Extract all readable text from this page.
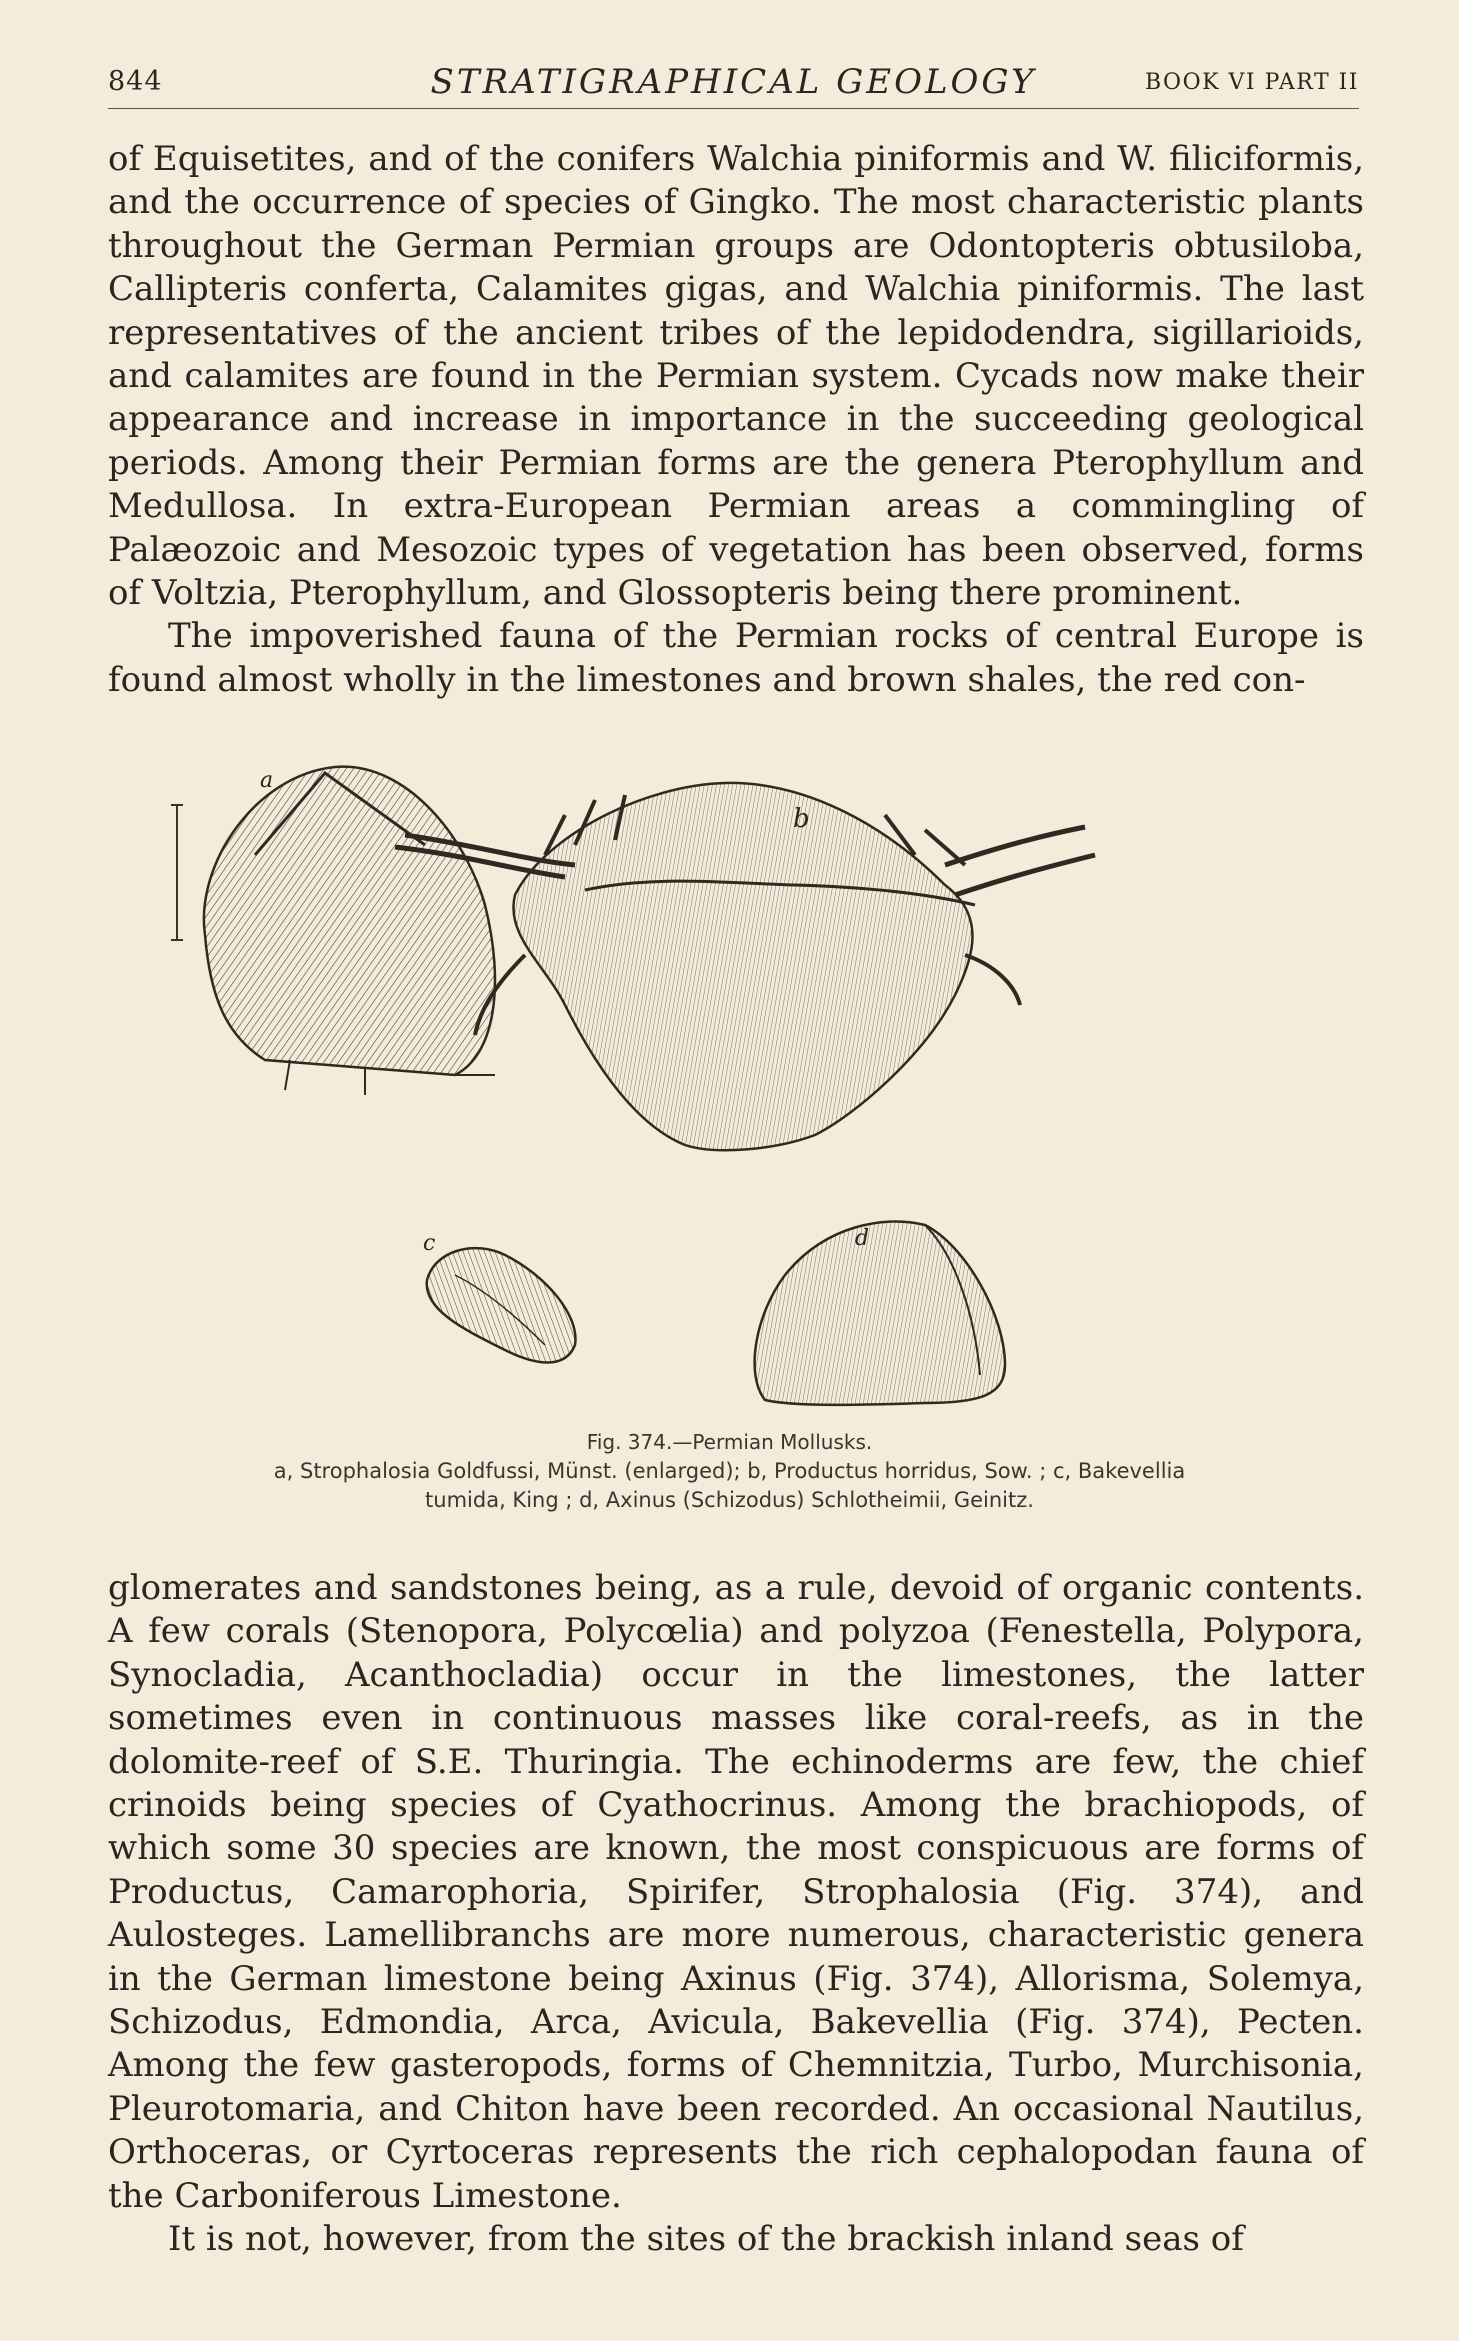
844	STRATIGRAPHICAL GEOLOGY	BOOK VI PART II

of Equisetites, and of the conifers Walchia piniformis and W. filiciformis, and the occurrence of species of Gingko. The most characteristic plants throughout the German Permian groups are Odontopteris obtusiloba, Callipteris conferta, Calamites gigas, and Walchia piniformis. The last representatives of the ancient tribes of the lepidodendra, sigillarioids, and calamites are found in the Permian system. Cycads now make their appearance and increase in importance in the succeeding geological periods. Among their Permian forms are the genera Pterophyllum and Medullosa. In extra-European Permian areas a commingling of Palæozoic and Mesozoic types of vegetation has been observed, forms of Voltzia, Pterophyllum, and Glossopteris being there prominent.

The impoverished fauna of the Permian rocks of central Europe is found almost wholly in the limestones and brown shales, the red con-

a
b
c	d
Fig. 374.—Permian Mollusks.
a, Strophalosia Goldfussi, Münst. (enlarged); b, Productus horridus, Sow. ; c, Bakevellia
tumida, King ; d, Axinus (Schizodus) Schlotheimii, Geinitz.

glomerates and sandstones being, as a rule, devoid of organic contents. A few corals (Stenopora, Polycœlia) and polyzoa (Fenestella, Polypora, Synocladia, Acanthocladia) occur in the limestones, the latter sometimes even in continuous masses like coral-reefs, as in the dolomite-reef of S.E. Thuringia. The echinoderms are few, the chief crinoids being species of Cyathocrinus. Among the brachiopods, of which some 30 species are known, the most conspicuous are forms of Productus, Camarophoria, Spirifer, Strophalosia (Fig. 374), and Aulosteges. Lamellibranchs are more numerous, characteristic genera in the German limestone being Axinus (Fig. 374), Allorisma, Solemya, Schizodus, Edmondia, Arca, Avicula, Bakevellia (Fig. 374), Pecten. Among the few gasteropods, forms of Chemnitzia, Turbo, Murchisonia, Pleurotomaria, and Chiton have been recorded. An occasional Nautilus, Orthoceras, or Cyrtoceras represents the rich cephalopodan fauna of the Carboniferous Limestone.

It is not, however, from the sites of the brackish inland seas of
